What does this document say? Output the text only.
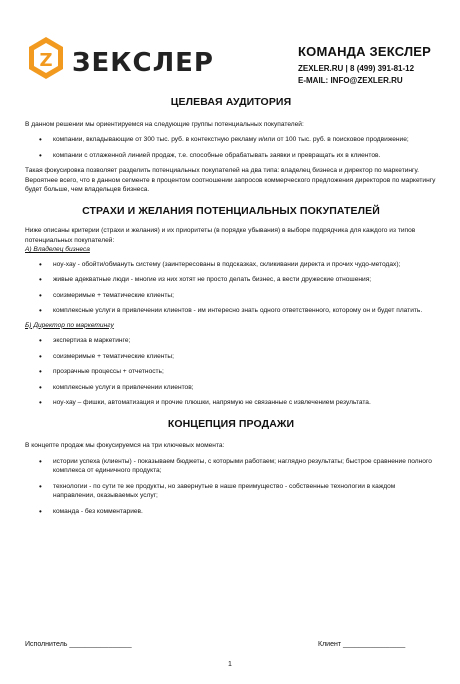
Z ЗЕКСЛЕР	КОМАНДА ЗЕКСЛЕР
ZEXLER.RU | 8 (499) 391-81-12
E-MAIL: INFO@ZEXLER.RU
ЦЕЛЕВАЯ АУДИТОРИЯ

В данном решении мы ориентируемся на следующие группы потенциальных покупателей:

• компании, вкладывающие от 300 тыс. руб. в контекстную рекламу и/или от 100 тыс. руб. в поисковое продвижение;
• компании с отлаженной линией продаж, т.е. способные обрабатывать заявки и превращать их в клиентов.

Такая фокусировка позволяет разделить потенциальных покупателей на два типа: владелец бизнеса и директор по маркетингу. Вероятнее всего, что в данном сегменте в процентом соотношении запросов коммерческого предложения директоров по маркетингу будет больше, чем владельцев бизнеса.

СТРАХИ И ЖЕЛАНИЯ ПОТЕНЦИАЛЬНЫХ ПОКУПАТЕЛЕЙ

Ниже описаны критерии (страхи и желания) и их приоритеты (в порядке убывания) в выборе подрядчика для каждого из типов потенциальных покупателей:

А) Владелец бизнеса

• ноу-хау - обойти/обмануть систему (заинтересованы в подсказках, скликивании директа и прочих чудо-методах);
• живые адекватные люди - многие из них хотят не просто делать бизнес, а вести дружеские отношения;
• соизмеримые + тематические клиенты;
• комплексные услуги в привлечении клиентов - им интересно знать одного ответственного, которому он и будет платить.

Б) Директор по маркетингу

• экспертиза в маркетинге;
• соизмеримые + тематические клиенты;
• прозрачные процессы + отчетность;
• комплексные услуги в привлечении клиентов;
• ноу-хау – фишки, автоматизация и прочие плюшки, напрямую не связанные с извлечением результата.
КОНЦЕПЦИЯ ПРОДАЖИ

В концепте продаж мы фокусируемся на три ключевых момента:

• истории успеха (клиенты) - показываем бюджеты, с которыми работаем; наглядно результаты; быстрое сравнение полного комплекса от единичного продукта;
• технологии - по сути те же продукты, но завернутые в наше преимущество - собственные технологии в каждом направлении, оказываемых услуг;
• команда - без комментариев.
Исполнитель ________________	Клиент ________________
1
